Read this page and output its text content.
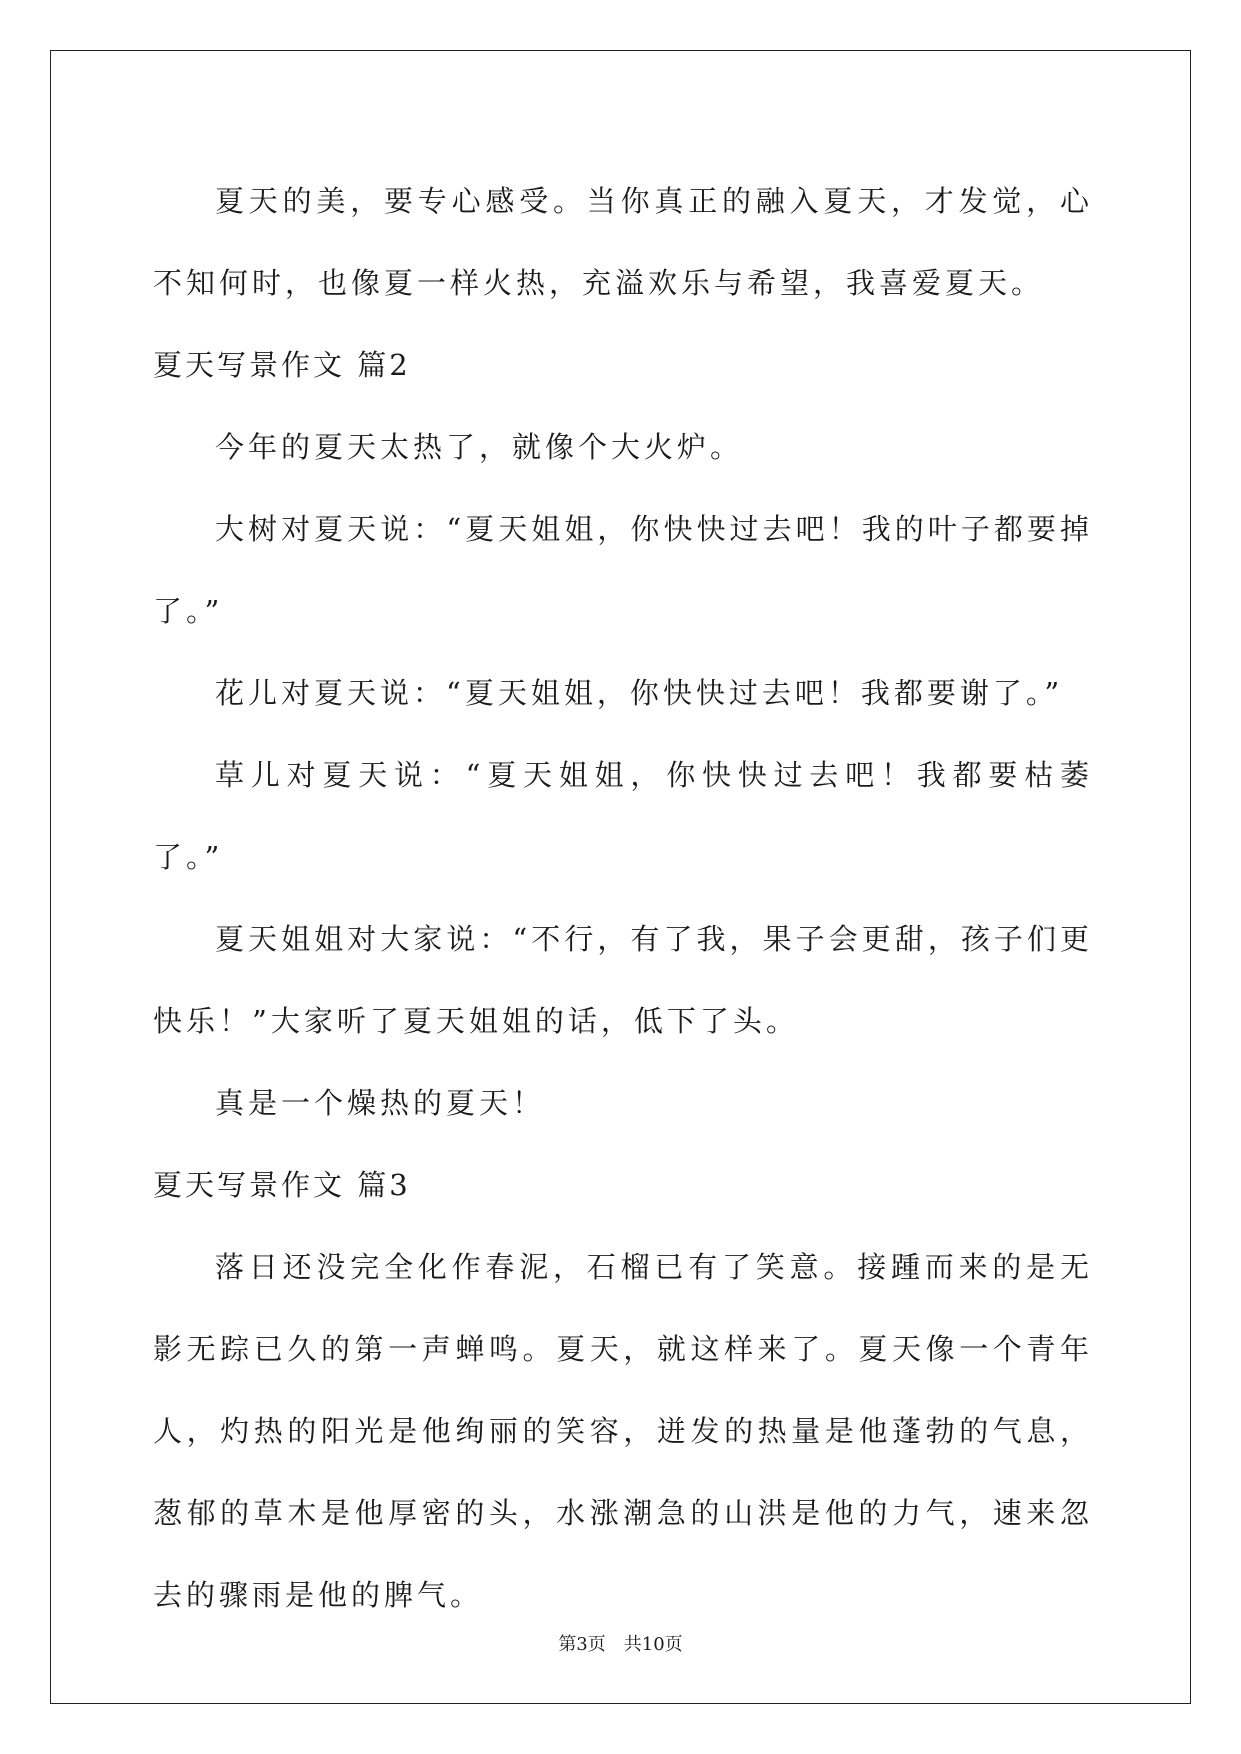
夏天的美，要专心感受。当你真正的融入夏天，才发觉，心不知何时，也像夏一样火热，充溢欢乐与希望，我喜爱夏天。

夏天写景作文 篇2

今年的夏天太热了，就像个大火炉。

大树对夏天说：“夏天姐姐，你快快过去吧！我的叶子都要掉了。”

花儿对夏天说：“夏天姐姐，你快快过去吧！我都要谢了。”

草儿对夏天说：“夏天姐姐，你快快过去吧！我都要枯萎了。”

夏天姐姐对大家说：“不行，有了我，果子会更甜，孩子们更快乐！”大家听了夏天姐姐的话，低下了头。

真是一个燥热的夏天！

夏天写景作文 篇3

落日还没完全化作春泥，石榴已有了笑意。接踵而来的是无影无踪已久的第一声蝉鸣。夏天，就这样来了。夏天像一个青年人，灼热的阳光是他绚丽的笑容，迸发的热量是他蓬勃的气息，葱郁的草木是他厚密的头，水涨潮急的山洪是他的力气，速来忽去的骤雨是他的脾气。

第3页　共10页
